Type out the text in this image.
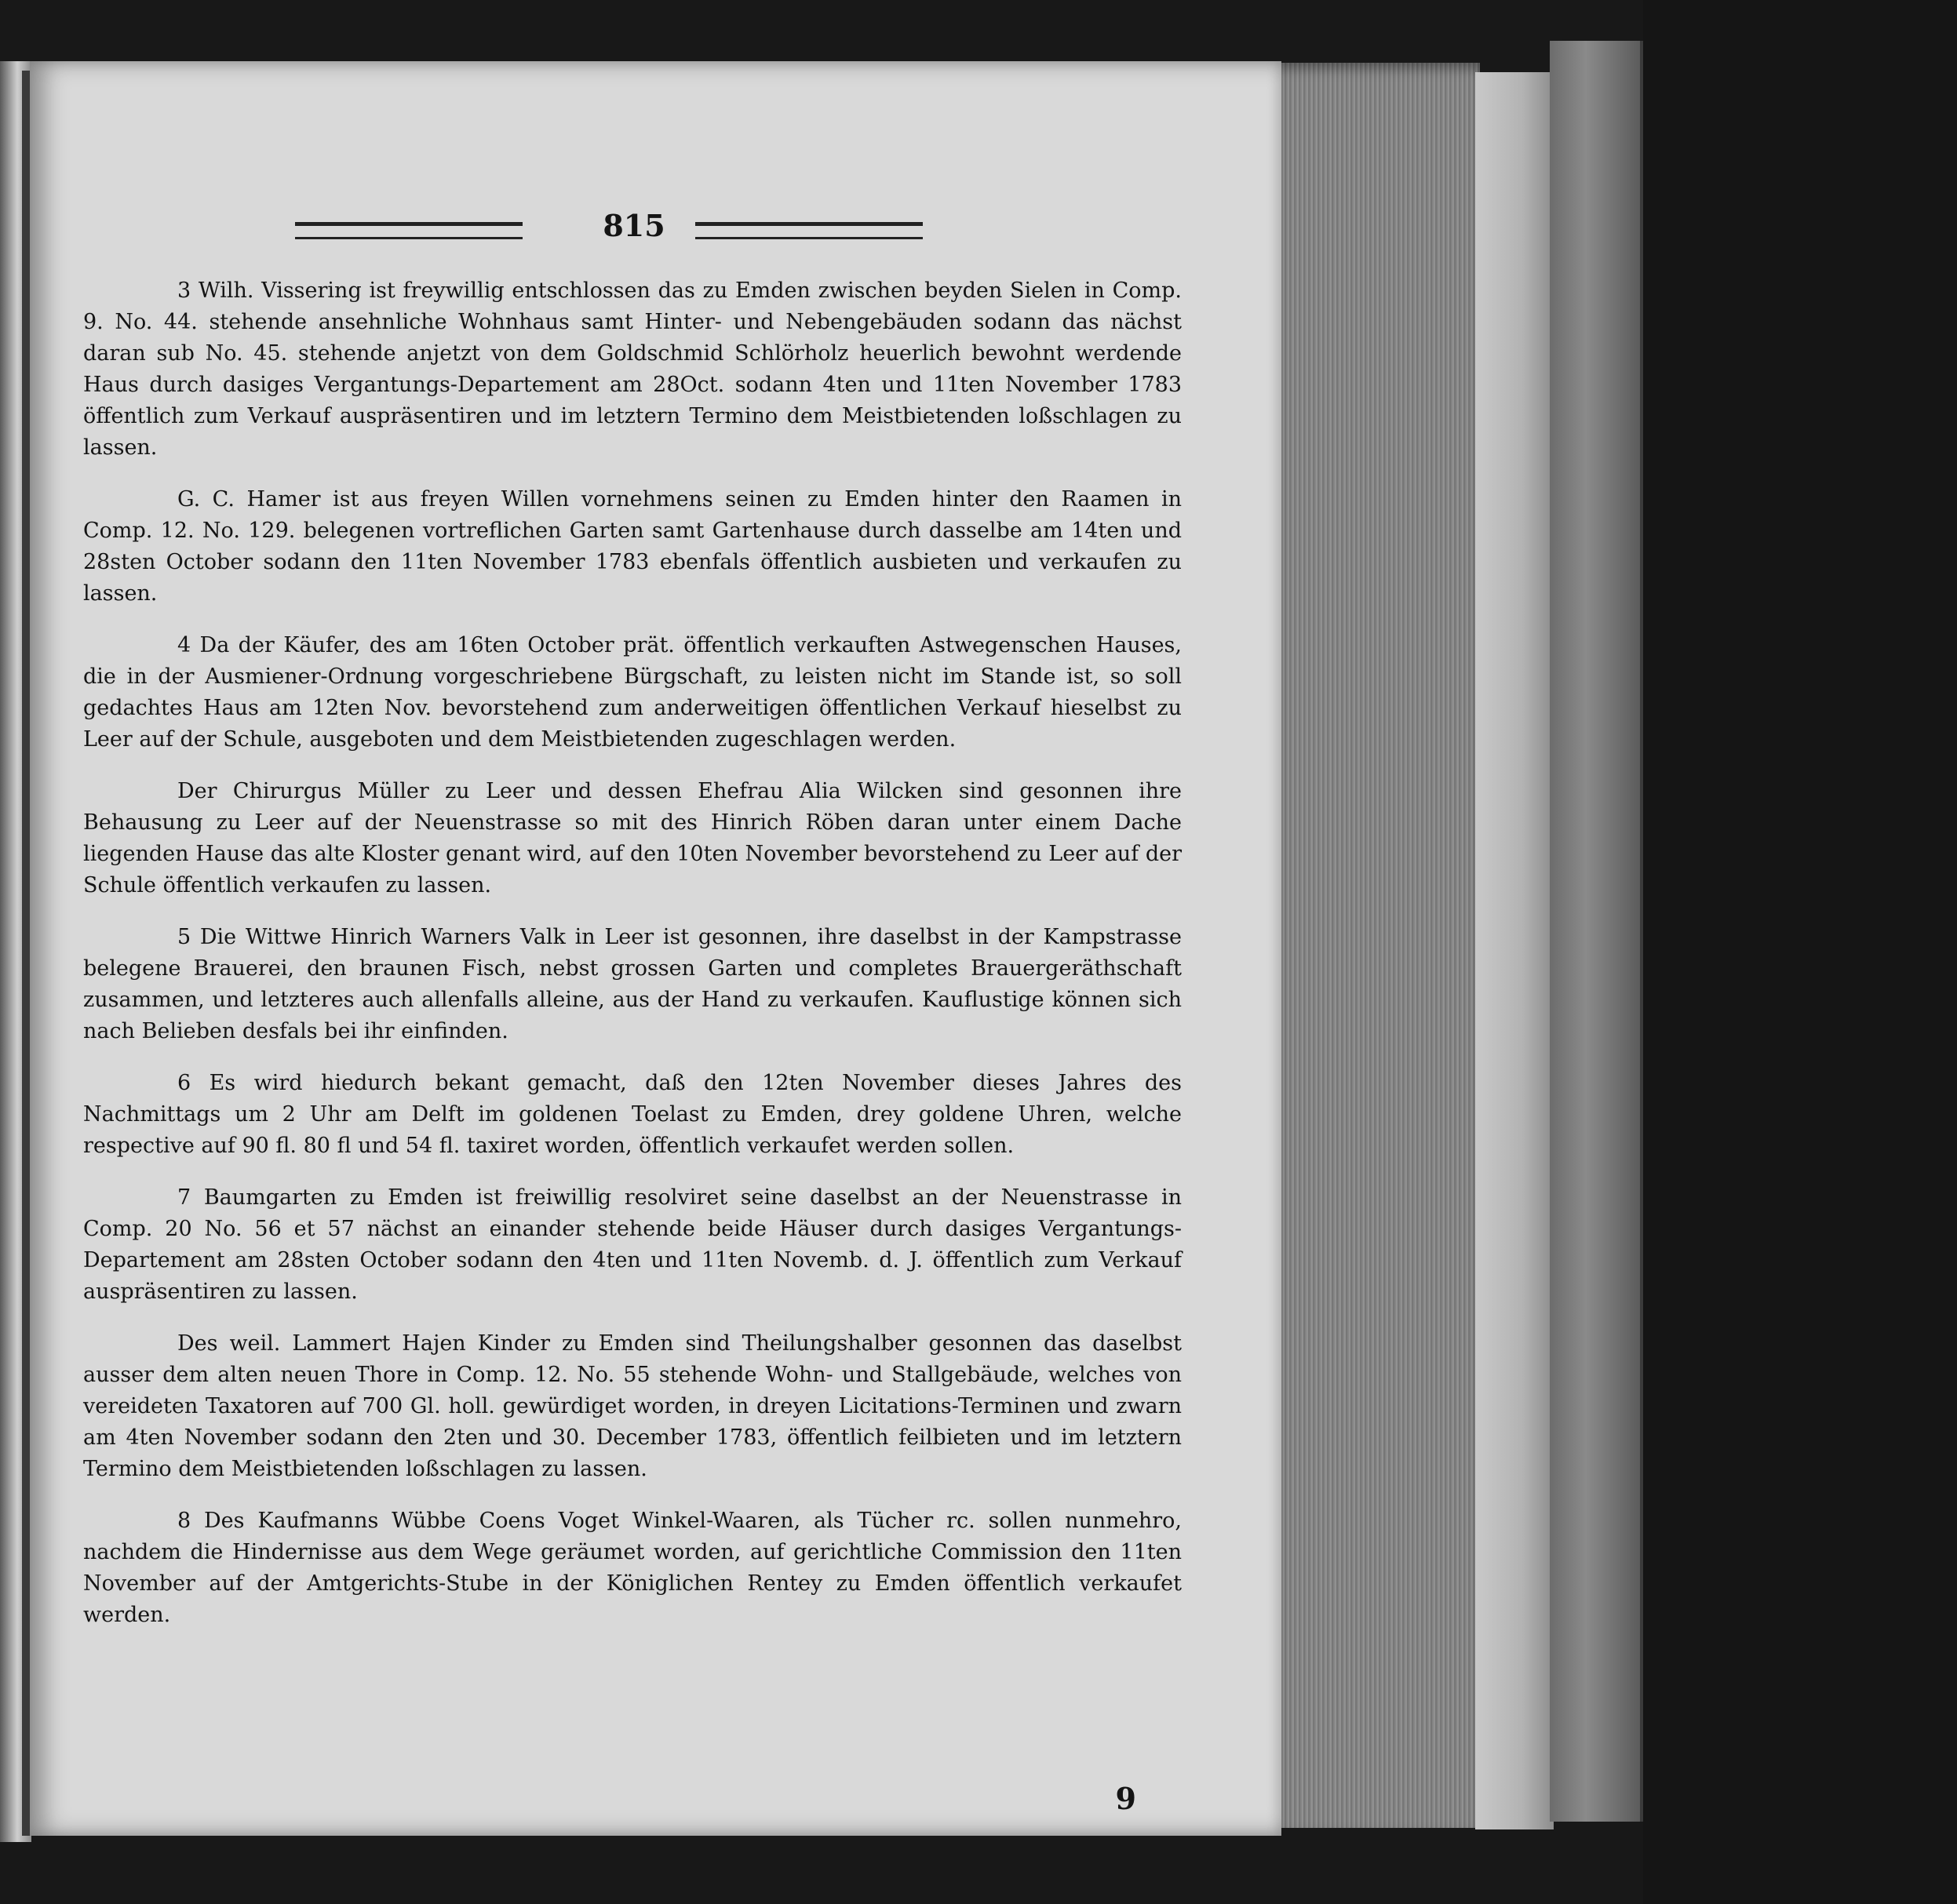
815

3 Wilh. Vissering ist freywillig entschlossen das zu Emden zwischen beyden Sielen in Comp. 9. No. 44. stehende ansehnliche Wohnhaus samt Hinter- und Nebengebäuden sodann das nächst daran sub No. 45. stehende anjetzt von dem Goldschmid Schlörholz heuerlich bewohnt werdende Haus durch dasiges Vergantungs-Departement am 28Oct. sodann 4ten und 11ten November 1783 öffentlich zum Verkauf auspräsentiren und im letztern Termino dem Meistbietenden loßschlagen zu lassen.

G. C. Hamer ist aus freyen Willen vornehmens seinen zu Emden hinter den Raamen in Comp. 12. No. 129. belegenen vortreflichen Garten samt Gartenhause durch dasselbe am 14ten und 28sten October sodann den 11ten November 1783 ebenfals öffentlich ausbieten und verkaufen zu lassen.

4 Da der Käufer, des am 16ten October prät. öffentlich verkauften Astwegenschen Hauses, die in der Ausmiener-Ordnung vorgeschriebene Bürgschaft, zu leisten nicht im Stande ist, so soll gedachtes Haus am 12ten Nov. bevorstehend zum anderweitigen öffentlichen Verkauf hieselbst zu Leer auf der Schule, ausgeboten und dem Meistbietenden zugeschlagen werden.

Der Chirurgus Müller zu Leer und dessen Ehefrau Alia Wilcken sind gesonnen ihre Behausung zu Leer auf der Neuenstrasse so mit des Hinrich Röben daran unter einem Dache liegenden Hause das alte Kloster genant wird, auf den 10ten November bevorstehend zu Leer auf der Schule öffentlich verkaufen zu lassen.

5 Die Wittwe Hinrich Warners Valk in Leer ist gesonnen, ihre daselbst in der Kampstrasse belegene Brauerei, den braunen Fisch, nebst grossen Garten und completes Brauergeräthschaft zusammen, und letzteres auch allenfalls alleine, aus der Hand zu verkaufen. Kauflustige können sich nach Belieben desfals bei ihr einfinden.

6 Es wird hiedurch bekant gemacht, daß den 12ten November dieses Jahres des Nachmittags um 2 Uhr am Delft im goldenen Toelast zu Emden, drey goldene Uhren, welche respective auf 90 fl. 80 fl und 54 fl. taxiret worden, öffentlich verkaufet werden sollen.

7 Baumgarten zu Emden ist freiwillig resolviret seine daselbst an der Neuenstrasse in Comp. 20 No. 56 et 57 nächst an einander stehende beide Häuser durch dasiges Vergantungs-Departement am 28sten October sodann den 4ten und 11ten Novemb. d. J. öffentlich zum Verkauf auspräsentiren zu lassen.

Des weil. Lammert Hajen Kinder zu Emden sind Theilungshalber gesonnen das daselbst ausser dem alten neuen Thore in Comp. 12. No. 55 stehende Wohn- und Stallgebäude, welches von vereideten Taxatoren auf 700 Gl. holl. gewürdiget worden, in dreyen Licitations-Terminen und zwarn am 4ten November sodann den 2ten und 30. December 1783, öffentlich feilbieten und im letztern Termino dem Meistbietenden loßschlagen zu lassen.

8 Des Kaufmanns Wübbe Coens Voget Winkel-Waaren, als Tücher rc. sollen nunmehro, nachdem die Hindernisse aus dem Wege geräumet worden, auf gerichtliche Commission den 11ten November auf der Amtgerichts-Stube in der Königlichen Rentey zu Emden öffentlich verkaufet werden.

9
